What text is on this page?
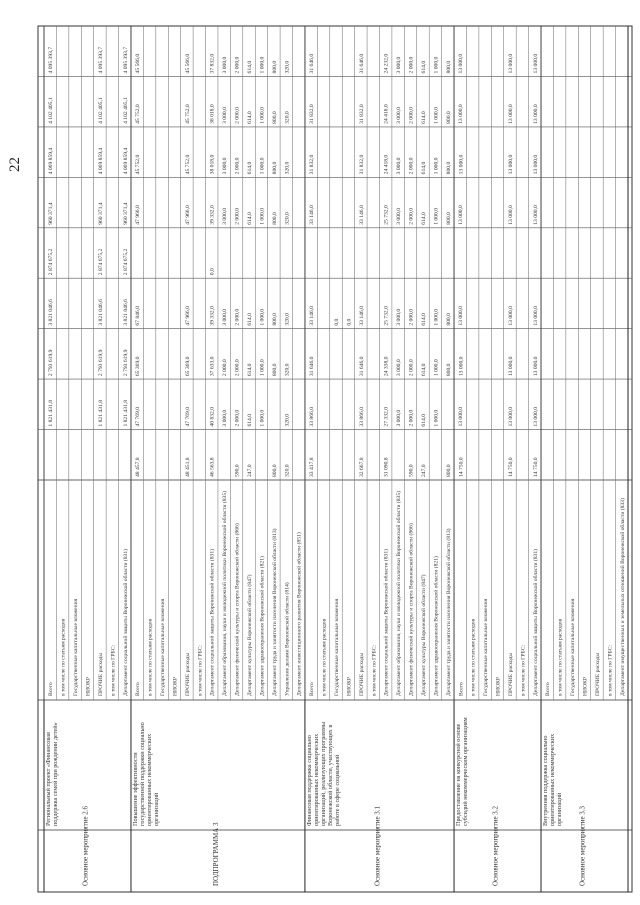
22
Основное мероприятие 2.6
Региональный проект «Финансовая поддержка семей при рождении детей»
Всего
1 821 431,8
2 793 619,9
3 821 046,6
2 874 675,2
960 371,4
4 069 859,4
4 102 405,1
4 095 393,7
в том числе по статьям расходов Государственные капитальные вложения НИОКР ПРОЧИЕ расходы
1 821 431,8
2 793 619,9
3 821 046,6
2 874 675,2
960 371,4
4 069 859,4
4 102 405,1
4 095 393,7
в том числе по ГРБС: Департамент социальной защиты Воронежской области (831)
1 821 431,8
2 793 619,9
3 821 046,6
2 874 675,2
960 371,4
4 069 859,4
4 102 405,1
4 095 393,7
ПОДПРОГРАММА 3
Повышение эффективности государственной поддержки социально ориентированных некоммерческих организаций
Всего
48 457,8
47 769,0
65 369,0
67 846,0
47 966,0
45 752,0
45 752,0
45 566,0
в том числе по статьям расходов Государственные капитальные вложения НИОКР ПРОЧИЕ расходы
48 451,8
47 769,0
65 369,0
47 966,0
47 966,0
45 752,0
45 752,0
45 566,0
в том числе по ГРБС: Департамент социальной защиты Воронежской области (831)
46 563,8
40 832,0
37 633,0
39 332,0
0,0
39 332,0
38 018,0
38 018,0
37 832,0
Департамент образования, науки и молодежной политики Воронежской области (835)
3 000,0
2 000,0
3 000,0
3 000,0
3 000,0
3 000,0
3 000,0
Департамент физической культуры и спорта Воронежской области (866)
590,0
2 000,0
2 000,0
2 000,0
2 000,0
2 000,0
2 000,0
2 000,0
Департамент культуры Воронежской области (847)
247,0
614,0
614,0
614,0
614,0
614,0
614,0
614,0
Департамент здравоохранения Воронежской области (821)
1 000,0
1 000,0
1 000,0
1 000,0
1 000,0
1 000,0
1 000,0
Департамент труда и занятости населения Воронежской области (813)
800,0
800,0
800,0
800,0
800,0
800,0
800,0
Управление делами Воронежской области (814)
320,0
320,0
320,0
320,0
320,0
320,0
320,0
320,0
Департамент инвестиционного развития Воронежской области (851)
Основное мероприятие 3.1
Финансовая поддержка социально ориентированных некоммерческих организаций, реализующих программы Воронежской области, участвующих в работе в сфере социальной
Всего
33 417,8
33 866,0
31 646,0
33 146,0
33 146,0
31 832,0
31 832,0
31 646,0
в том числе по статьям расходов Государственные капитальные вложения
0,0
НИОКР
0,0
ПРОЧИЕ расходы
32 667,8
33 866,0
31 646,0
33 146,0
33 146,0
31 832,0
31 832,0
31 646,0
в том числе по ГРБС: Департамент социальной защиты Воронежской области (831)
31 090,8
27 332,0
24 338,0
25 732,0
25 732,0
24 418,0
24 418,0
24 232,0
Департамент образования, науки и молодежной политики Воронежской области (835)
3 000,0
3 000,0
3 000,0
3 000,0
3 000,0
3 000,0
3 000,0
Департамент физической культуры и спорта Воронежской области (866)
590,0
2 000,0
2 000,0
2 000,0
2 000,0
2 000,0
2 000,0
2 000,0
Департамент культуры Воронежской области (847)
247,0
614,0
614,0
614,0
614,0
614,0
614,0
614,0
Департамент здравоохранения Воронежской области (821)
1 000,0
1 000,0
1 000,0
1 000,0
1 000,0
1 000,0
1 000,0
Департамент труда и занятости населения Воронежской области (813)
800,0
800,0
800,0
800,0
800,0
800,0
800,0
Основное мероприятие 3.2
Предоставление на конкурсной основе субсидий некоммерческим организациям
Всего
14 750,0
13 000,0
13 000,0
13 000,0
13 000,0
13 000,0
13 000,0
13 000,0
в том числе по статьям расходов Государственные капитальные вложения НИОКР ПРОЧИЕ расходы
14 750,0
13 000,0
13 000,0
13 000,0
13 000,0
13 000,0
13 000,0
13 000,0
в том числе по ГРБС: Департамент социальной защиты Воронежской области (831)
14 750,0
13 000,0
13 000,0
13 000,0
13 000,0
13 000,0
13 000,0
13 000,0
Основное мероприятие 3.3
Внутренняя поддержка социально ориентированных некоммерческих организаций
Всего в том числе по статьям расходов Государственные капитальные вложения НИОКР ПРОЧИЕ расходы в том числе по ГРБС: Департамент имущественных и земельных отношений Воронежской области (833)
